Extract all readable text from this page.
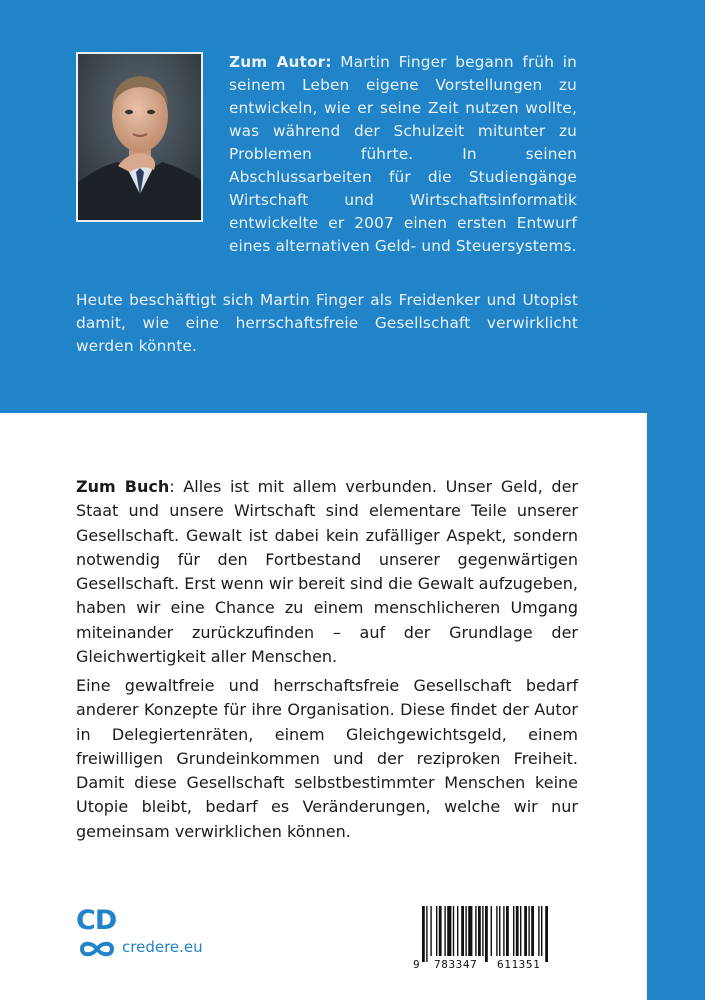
Zum Autor: Martin Finger begann früh in seinem Leben eigene Vorstellungen zu entwickeln, wie er seine Zeit nutzen wollte, was während der Schulzeit mitunter zu Problemen führte. In seinen Abschlussarbeiten für die Studiengänge Wirtschaft und Wirtschaftsinformatik entwickelte er 2007 einen ersten Entwurf eines alternativen Geld- und Steuersystems.

Heute beschäftigt sich Martin Finger als Freidenker und Utopist damit, wie eine herrschaftsfreie Gesellschaft verwirklicht werden könnte.

Zum Buch: Alles ist mit allem verbunden. Unser Geld, der Staat und unsere Wirtschaft sind elementare Teile unserer Gesellschaft. Gewalt ist dabei kein zufälliger Aspekt, sondern notwendig für den Fortbestand unserer gegenwärtigen Gesellschaft. Erst wenn wir bereit sind die Gewalt aufzugeben, haben wir eine Chance zu einem menschlicheren Umgang miteinander zurückzufinden – auf der Grundlage der Gleichwertigkeit aller Menschen.

Eine gewaltfreie und herrschaftsfreie Gesellschaft bedarf anderer Konzepte für ihre Organisation. Diese findet der Autor in Delegiertenräten, einem Gleichgewichtsgeld, einem freiwilligen Grundeinkommen und der reziproken Freiheit. Damit diese Gesellschaft selbstbestimmter Menschen keine Utopie bleibt, bedarf es Veränderungen, welche wir nur gemeinsam verwirklichen können.

CD
credere.eu
9 783347 611351
